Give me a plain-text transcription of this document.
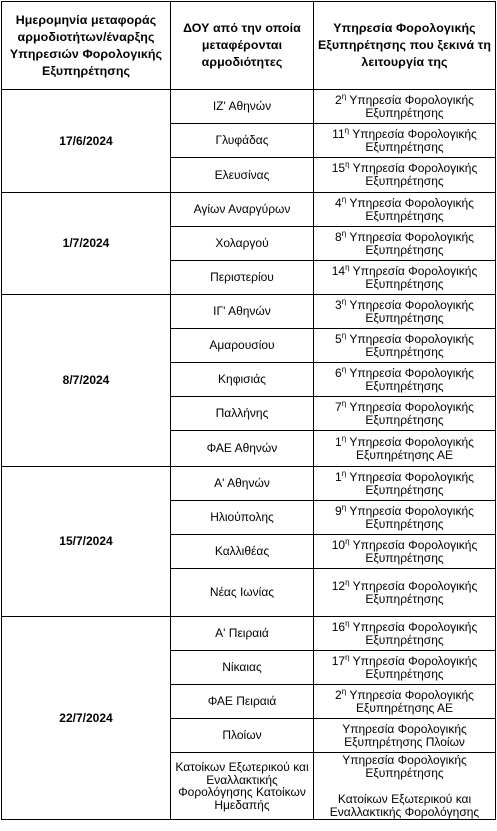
Ημερομηνία μεταφοράς αρμοδιοτήτων/έναρξης Υπηρεσιών Φορολογικής Εξυπηρέτησης	ΔΟΥ από την οποία μεταφέρονται αρμοδιότητες	Υπηρεσία Φορολογικής Εξυπηρέτησης που ξεκινά τη λειτουργία της
17/6/2024	ΙΖ' Αθηνών	$2^\eta$ Υπηρεσία Φορολογικής Εξυπηρέτησης
	Γλυφάδας	$11^\eta$ Υπηρεσία Φορολογικής Εξυπηρέτησης
	Ελευσίνας	$15^\eta$ Υπηρεσία Φορολογικής Εξυπηρέτησης
1/7/2024	Αγίων Αναργύρων	$4^\eta$ Υπηρεσία Φορολογικής Εξυπηρέτησης
	Χολαργού	$8^\eta$ Υπηρεσία Φορολογικής Εξυπηρέτησης
	Περιστερίου	$14^\eta$ Υπηρεσία Φορολογικής Εξυπηρέτησης
8/7/2024	ΙΓ' Αθηνών	$3^\eta$ Υπηρεσία Φορολογικής Εξυπηρέτησης
	Αμαρουσίου	$5^\eta$ Υπηρεσία Φορολογικής Εξυπηρέτησης
	Κηφισιάς	$6^\eta$ Υπηρεσία Φορολογικής Εξυπηρέτησης
	Παλλήνης	$7^\eta$ Υπηρεσία Φορολογικής Εξυπηρέτησης
	ΦΑΕ Αθηνών	$1^\eta$ Υπηρεσία Φορολογικής Εξυπηρέτησης ΑΕ
15/7/2024	Α' Αθηνών	$1^\eta$ Υπηρεσία Φορολογικής Εξυπηρέτησης
	Ηλιούπολης	$9^\eta$ Υπηρεσία Φορολογικής Εξυπηρέτησης
	Καλλιθέας	$10^\eta$ Υπηρεσία Φορολογικής Εξυπηρέτησης
	Νέας Ιωνίας	$12^\eta$ Υπηρεσία Φορολογικής Εξυπηρέτησης
22/7/2024	Α' Πειραιά	$16^\eta$ Υπηρεσία Φορολογικής Εξυπηρέτησης
	Νίκαιας	$17^\eta$ Υπηρεσία Φορολογικής Εξυπηρέτησης
	ΦΑΕ Πειραιά	$2^\eta$ Υπηρεσία Φορολογικής Εξυπηρέτησης ΑΕ
	Πλοίων	Υπηρεσία Φορολογικής Εξυπηρέτησης Πλοίων
	Κατοίκων Εξωτερικού και Εναλλακτικής Φορολόγησης Κατοίκων Ημεδαπής	Υπηρεσία Φορολογικής Εξυπηρέτησης
Κατοίκων Εξωτερικού και Εναλλακτικής Φορολόγησης
